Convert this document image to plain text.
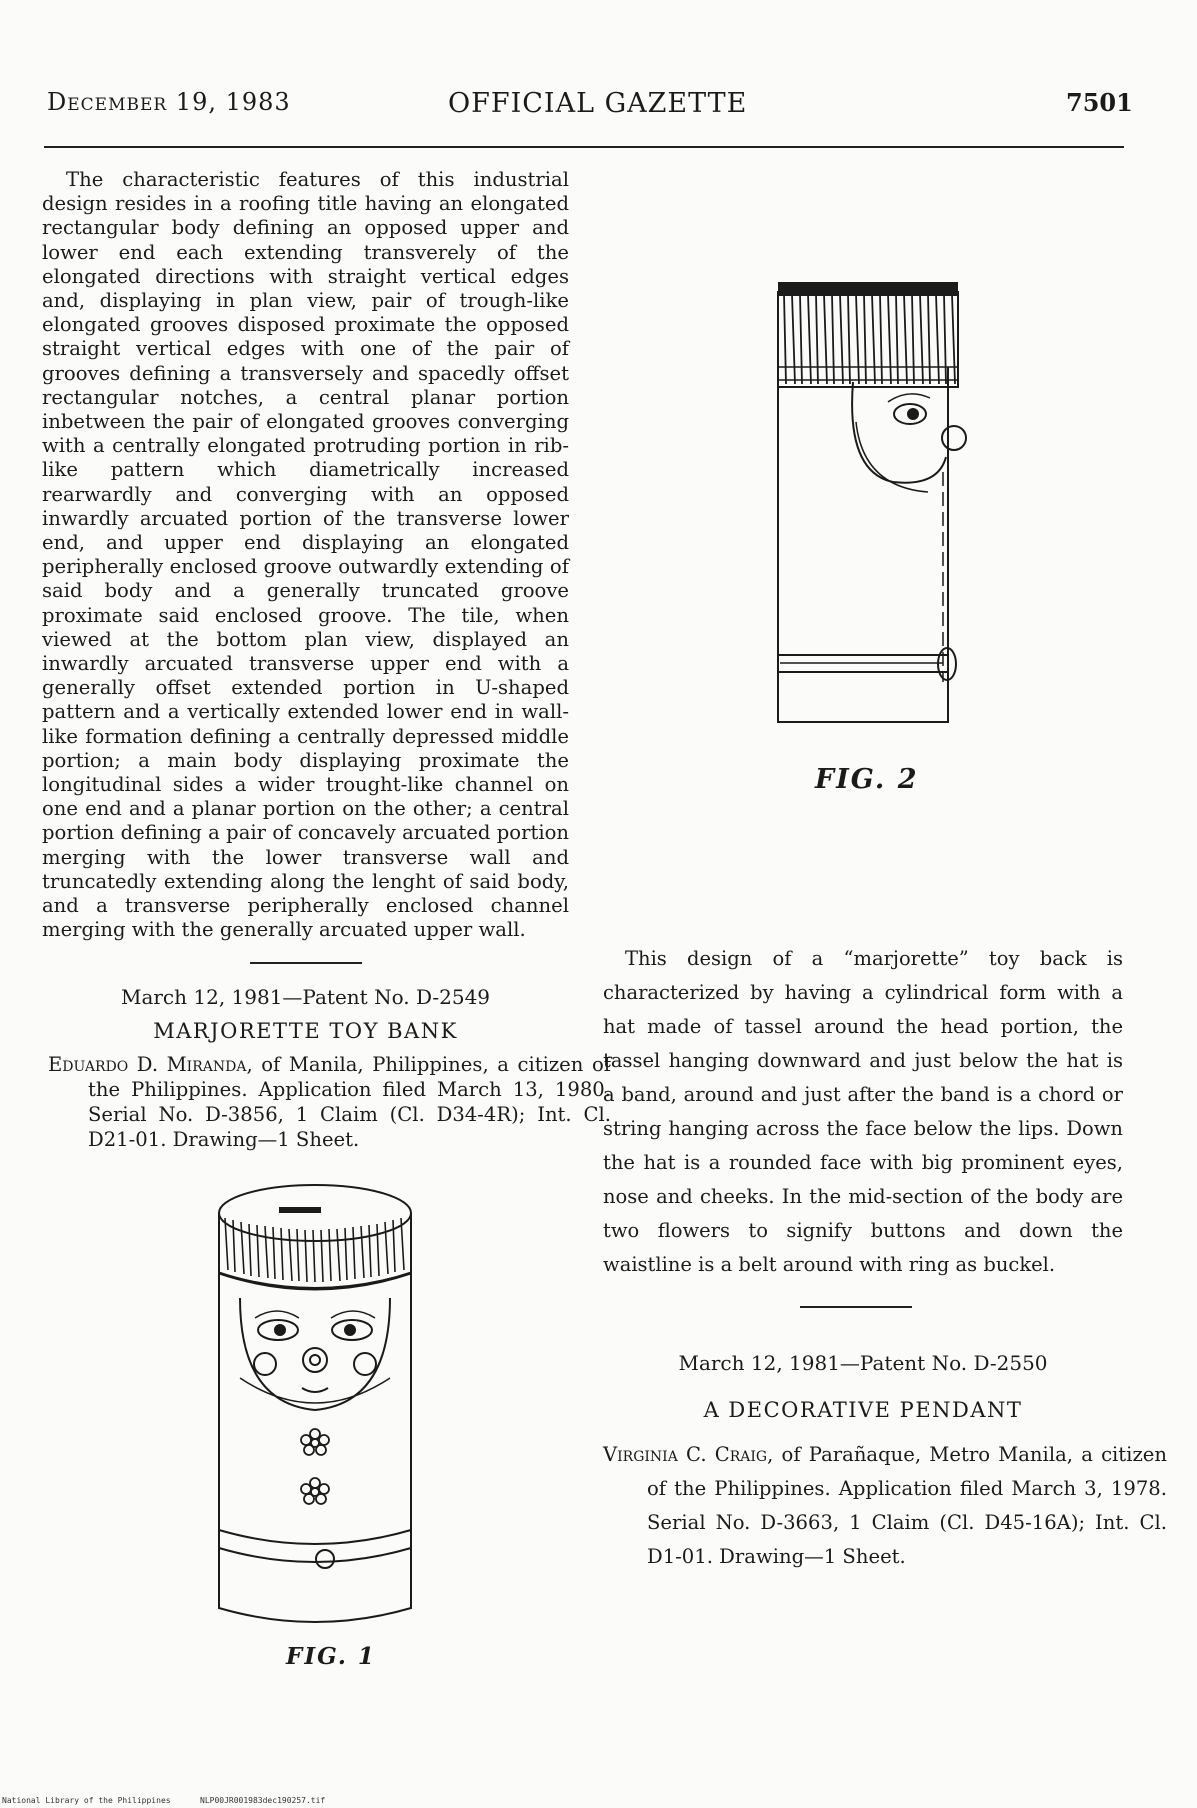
December 19, 1983	OFFICIAL GAZETTE	7501

The characteristic features of this industrial design resides in a roofing title having an elongated rectangular body defining an opposed upper and lower end each extending transverely of the elongated directions with straight vertical edges and, displaying in plan view, pair of trough-like elongated grooves disposed proximate the opposed straight vertical edges with one of the pair of grooves defining a transversely and spacedly offset rectangular notches, a central planar portion inbetween the pair of elongated grooves converging with a centrally elongated protruding portion in rib-like pattern which diametrically increased rearwardly and converging with an opposed inwardly arcuated portion of the transverse lower end, and upper end displaying an elongated peripherally enclosed groove outwardly extending of said body and a generally truncated groove proximate said enclosed groove. The tile, when viewed at the bottom plan view, displayed an inwardly arcuated transverse upper end with a generally offset extended portion in U-shaped pattern and a vertically extended lower end in wall-like formation defining a centrally depressed middle portion; a main body displaying proximate the longitudinal sides a wider trought-like channel on one end and a planar portion on the other; a central portion defining a pair of concavely arcuated portion merging with the lower transverse wall and truncatedly extending along the lenght of said body, and a transverse peripherally enclosed channel merging with the generally arcuated upper wall.

March 12, 1981—Patent No. D-2549
MARJORETTE TOY BANK

Eduardo D. Miranda, of Manila, Philippines, a citizen of the Philippines. Application filed March 13, 1980. Serial No. D-3856, 1 Claim (Cl. D34-4R); Int. Cl. D21-01. Drawing—1 Sheet.

FIG. 1
FIG. 2

This design of a “marjorette” toy back is characterized by having a cylindrical form with a hat made of tassel around the head portion, the tassel hanging downward and just below the hat is a band, around and just after the band is a chord or string hanging across the face below the lips. Down the hat is a rounded face with big prominent eyes, nose and cheeks. In the mid-section of the body are two flowers to signify buttons and down the waistline is a belt around with ring as buckel.

March 12, 1981—Patent No. D-2550
A DECORATIVE PENDANT

Virginia C. Craig, of Parañaque, Metro Manila, a citizen of the Philippines. Application filed March 3, 1978. Serial No. D-3663, 1 Claim (Cl. D45-16A); Int. Cl. D1-01. Drawing—1 Sheet.

National Library of the Philippines	NLP00JR001983dec190257.tif
